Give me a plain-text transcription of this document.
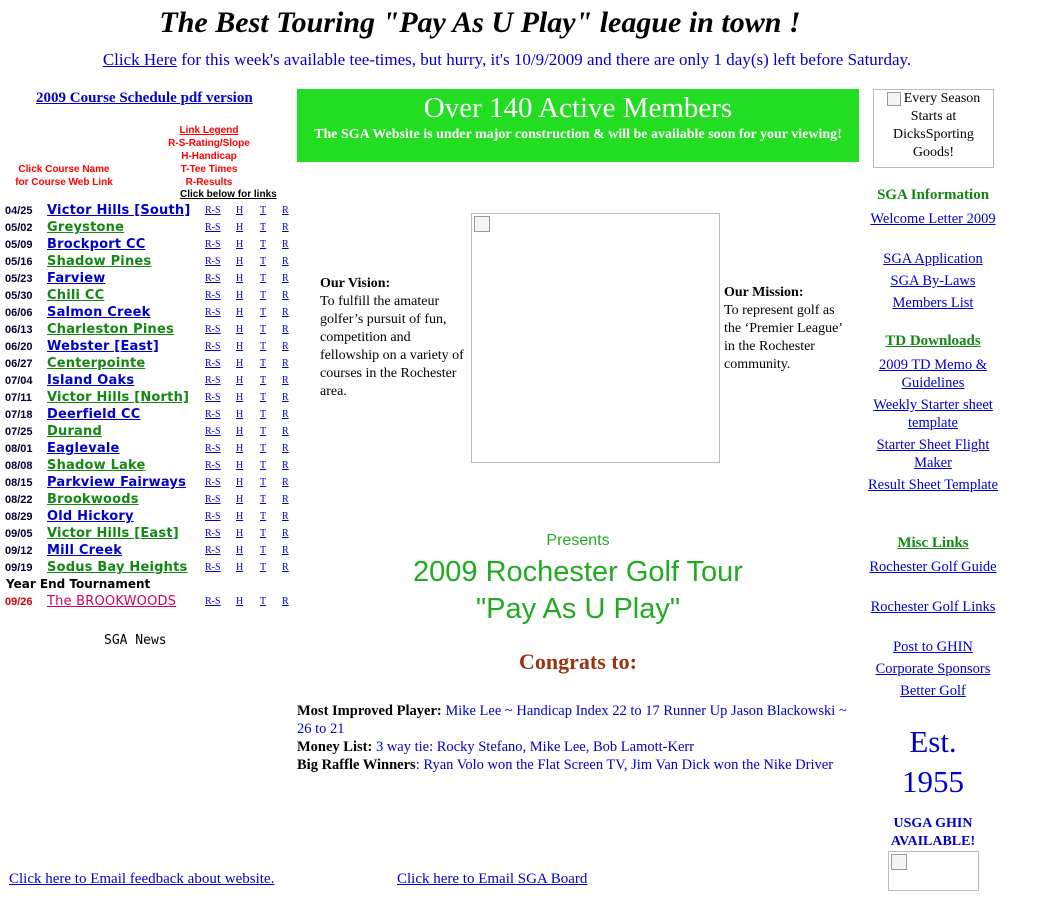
The Best Touring "Pay As U Play" league in town !
Click Here for this week's available tee-times, but hurry, it's 10/9/2009 and there are only 1 day(s) left before Saturday.
2009 Course Schedule pdf version
Link Legend
R-S-Rating/Slope
H-Handicap
T-Tee Times
R-Results
Click Course Name
for Course Web Link
Click below for links
04/25 Victor Hills [South] R-S H T R
05/02 Greystone	R-S H T R
05/09 Brockport CC	R-S H T R
05/16 Shadow Pines	R-S H T R
05/23 Farview	R-S H T R
05/30 Chili CC	R-S H T R
06/06 Salmon Creek	R-S H T R
06/13 Charleston Pines	R-S H T R
06/20 Webster [East]	R-S H T R
06/27 Centerpointe	R-S H T R
07/04 Island Oaks	R-S H T R
07/11 Victor Hills [North] R-S H T R
07/18 Deerfield CC	R-S H T R
07/25 Durand	R-S H T R
08/01 Eaglevale	R-S H T R
08/08 Shadow Lake	R-S H T R
08/15 Parkview Fairways R-S H T R
08/22 Brookwoods	R-S H T R
08/29 Old Hickory	R-S H T R
09/05 Victor Hills [East]	R-S H T R
09/12 Mill Creek	R-S H T R
09/19 Sodus Bay Heights R-S H T R
Year End Tournament
09/26 The BROOKWOODS	R-S H T R
SGA News
Click here to Email feedback about website.	Click here to Email SGA Board
Over 140 Active Members
The SGA Website is under major construction & will be available soon for your viewing!
Our Vision:
To fulfill the amateur golfer’s pursuit of fun, competition and fellowship on a variety of courses in the Rochester area.
Our Mission:
To represent golf as the ‘Premier League’ in the Rochester community.
Presents
2009 Rochester Golf Tour
"Pay As U Play"
Congrats to:
Most Improved Player: Mike Lee ~ Handicap Index 22 to 17 Runner Up Jason Blackowski ~ 26 to 21
Money List: 3 way tie: Rocky Stefano, Mike Lee, Bob Lamott-Kerr
Big Raffle Winners: Ryan Volo won the Flat Screen TV, Jim Van Dick won the Nike Driver
Every Season Starts at DicksSporting Goods!
SGA Information
Welcome Letter 2009
SGA Application
SGA By-Laws
Members List
TD Downloads
2009 TD Memo & Guidelines
Weekly Starter sheet template
Starter Sheet Flight Maker
Result Sheet Template
Misc Links
Rochester Golf Guide
Rochester Golf Links
Post to GHIN
Corporate Sponsors
Better Golf
Est.
1955
USGA GHIN AVAILABLE!
